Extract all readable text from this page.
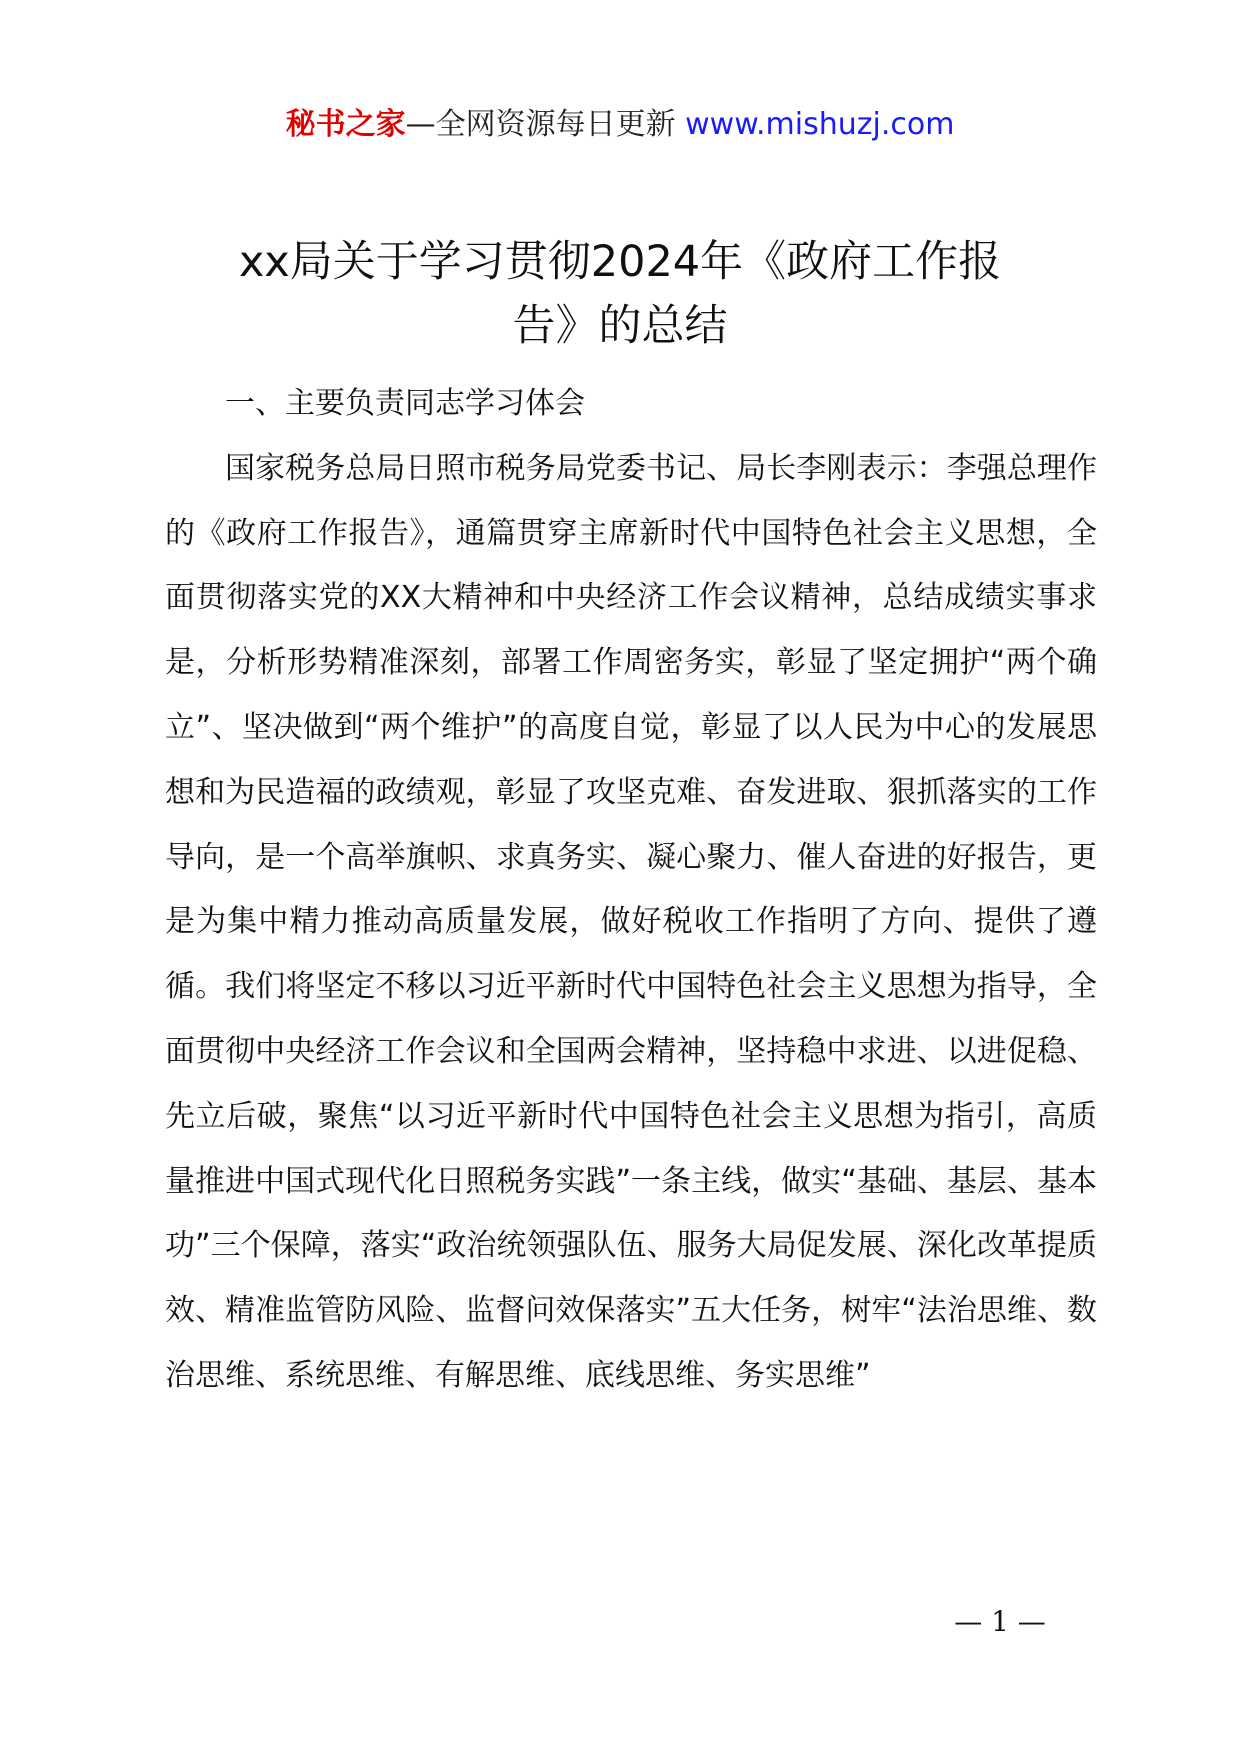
秘书之家—全网资源每日更新 www.mishuzj.com
xx局关于学习贯彻2024年《政府工作报
告》的总结

一、主要负责同志学习体会

国家税务总局日照市税务局党委书记、局长李刚表示：李强总理作的《政府工作报告》，通篇贯穿主席新时代中国特色社会主义思想，全面贯彻落实党的XX大精神和中央经济工作会议精神，总结成绩实事求是，分析形势精准深刻，部署工作周密务实，彰显了坚定拥护“两个确立”、坚决做到“两个维护”的高度自觉，彰显了以人民为中心的发展思想和为民造福的政绩观，彰显了攻坚克难、奋发进取、狠抓落实的工作导向，是一个高举旗帜、求真务实、凝心聚力、催人奋进的好报告，更是为集中精力推动高质量发展，做好税收工作指明了方向、提供了遵循。我们将坚定不移以习近平新时代中国特色社会主义思想为指导，全面贯彻中央经济工作会议和全国两会精神，坚持稳中求进、以进促稳、先立后破，聚焦“以习近平新时代中国特色社会主义思想为指引，高质量推进中国式现代化日照税务实践”一条主线，做实“基础、基层、基本功”三个保障，落实“政治统领强队伍、服务大局促发展、深化改革提质效、精准监管防风险、监督问效保落实”五大任务，树牢“法治思维、数治思维、系统思维、有解思维、底线思维、务实思维”

— 1 —
